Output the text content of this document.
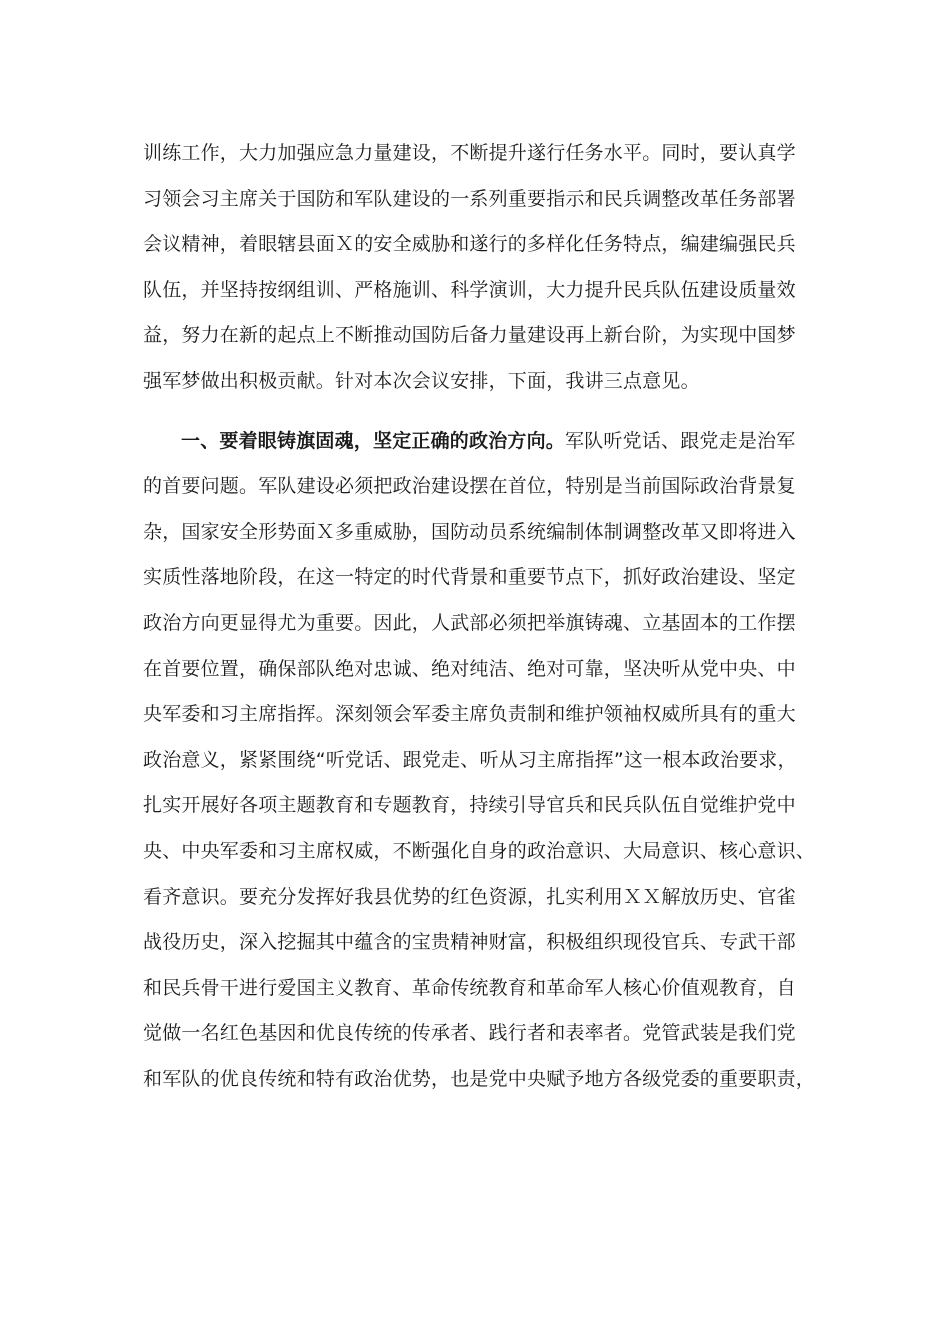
训练工作，大力加强应急力量建设，不断提升遂行任务水平。同时，要认真学
习领会习主席关于国防和军队建设的一系列重要指示和民兵调整改革任务部署
会议精神，着眼辖县面Ｘ的安全威胁和遂行的多样化任务特点，编建编强民兵
队伍，并坚持按纲组训、严格施训、科学演训，大力提升民兵队伍建设质量效
益，努力在新的起点上不断推动国防后备力量建设再上新台阶，为实现中国梦
强军梦做出积极贡献。针对本次会议安排，下面，我讲三点意见。
一、要着眼铸旗固魂，坚定正确的政治方向。军队听党话、跟党走是治军
的首要问题。军队建设必须把政治建设摆在首位，特别是当前国际政治背景复
杂，国家安全形势面Ｘ多重威胁，国防动员系统编制体制调整改革又即将进入
实质性落地阶段，在这一特定的时代背景和重要节点下，抓好政治建设、坚定
政治方向更显得尤为重要。因此，人武部必须把举旗铸魂、立基固本的工作摆
在首要位置，确保部队绝对忠诚、绝对纯洁、绝对可靠，坚决听从党中央、中
央军委和习主席指挥。深刻领会军委主席负责制和维护领袖权威所具有的重大
政治意义，紧紧围绕“听党话、跟党走、听从习主席指挥”这一根本政治要求，
扎实开展好各项主题教育和专题教育，持续引导官兵和民兵队伍自觉维护党中
央、中央军委和习主席权威，不断强化自身的政治意识、大局意识、核心意识、
看齐意识。要充分发挥好我县优势的红色资源，扎实利用ＸＸ解放历史、官雀
战役历史，深入挖掘其中蕴含的宝贵精神财富，积极组织现役官兵、专武干部
和民兵骨干进行爱国主义教育、革命传统教育和革命军人核心价值观教育，自
觉做一名红色基因和优良传统的传承者、践行者和表率者。党管武装是我们党
和军队的优良传统和特有政治优势，也是党中央赋予地方各级党委的重要职责，
